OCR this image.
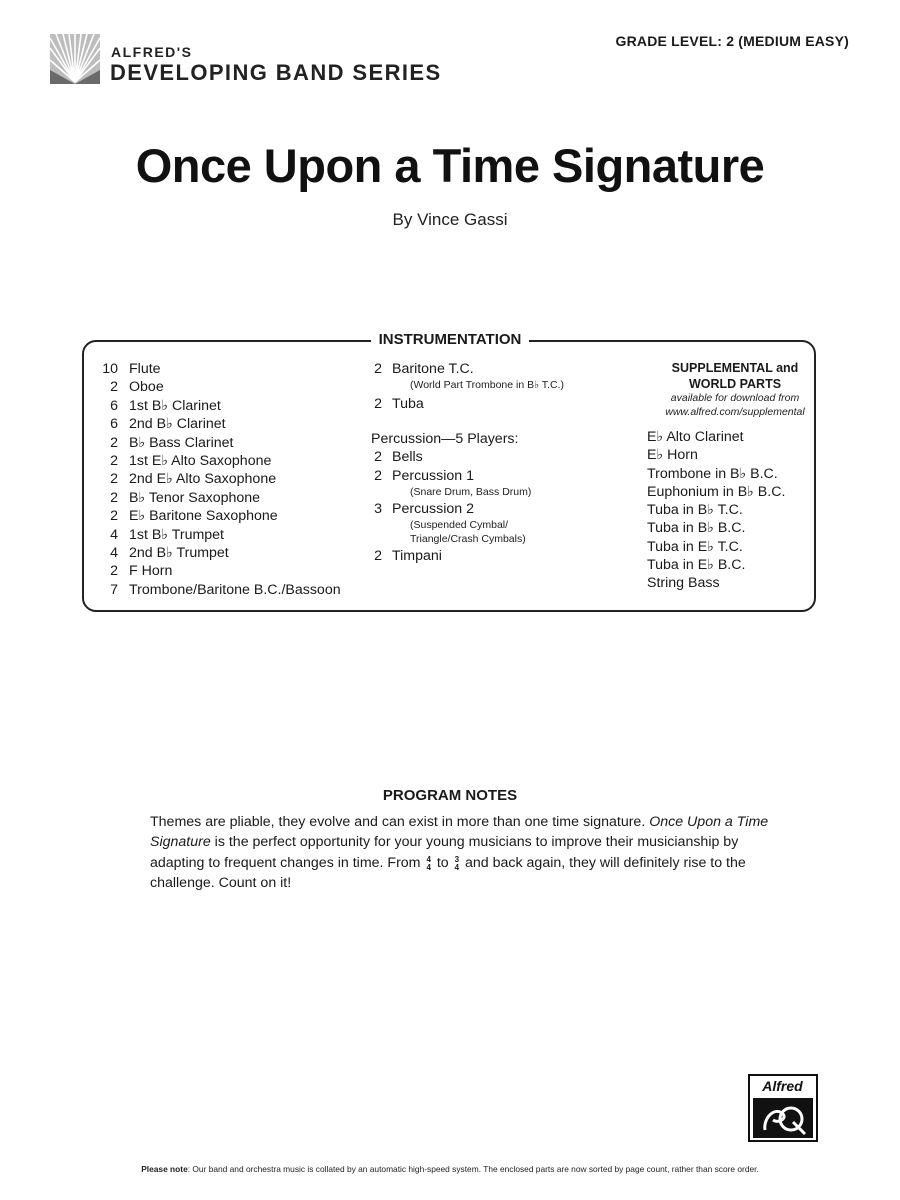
ALFRED'S
DEVELOPING BAND SERIES
GRADE LEVEL: 2 (MEDIUM EASY)
Once Upon a Time Signature
By Vince Gassi
INSTRUMENTATION
10 Flute
2 Oboe
6 1st B♭ Clarinet
6 2nd B♭ Clarinet
2 B♭ Bass Clarinet
2 1st E♭ Alto Saxophone
2 2nd E♭ Alto Saxophone
2 B♭ Tenor Saxophone
2 E♭ Baritone Saxophone
4 1st B♭ Trumpet
4 2nd B♭ Trumpet
2 F Horn
7 Trombone/Baritone B.C./Bassoon
2 Baritone T.C.
(World Part Trombone in B♭ T.C.)
2 Tuba
Percussion—5 Players:
2 Bells
2 Percussion 1
(Snare Drum, Bass Drum)
3 Percussion 2
(Suspended Cymbal/
Triangle/Crash Cymbals)
2 Timpani
SUPPLEMENTAL and
WORLD PARTS
available for download from
www.alfred.com/supplemental
E♭ Alto Clarinet
E♭ Horn
Trombone in B♭ B.C.
Euphonium in B♭ B.C.
Tuba in B♭ T.C.
Tuba in B♭ B.C.
Tuba in E♭ T.C.
Tuba in E♭ B.C.
String Bass
PROGRAM NOTES
Themes are pliable, they evolve and can exist in more than one time signature. Once Upon a Time Signature is the perfect opportunity for your young musicians to improve their musicianship by adapting to frequent changes in time. From 4
4 to 3
4 and back again, they will definitely rise to the challenge. Count on it!
Alfred
Please note: Our band and orchestra music is collated by an automatic high-speed system. The enclosed parts are now sorted by page count, rather than score order.
